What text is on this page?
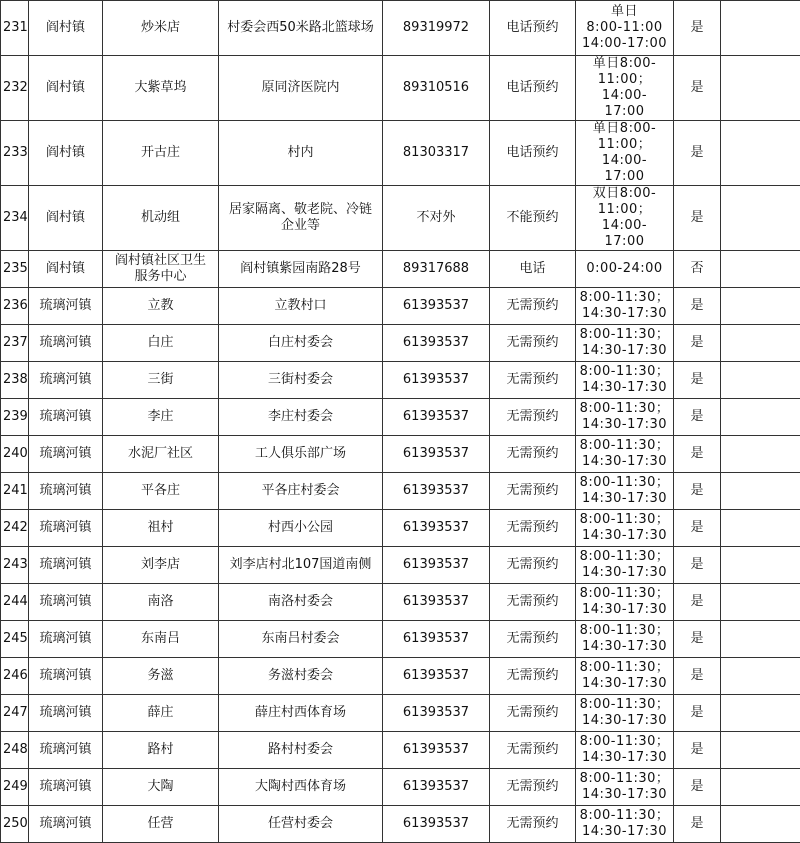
231	阎村镇	炒米店	村委会西50米路北篮球场	89319972	电话预约	单日
8:00-11:00
14:00-17:00	是	
232	阎村镇	大紫草坞	原同济医院内	89310516	电话预约	单日8:00-
11:00；14:00-
17:00	是	
233	阎村镇	开古庄	村内	81303317	电话预约	单日8:00-
11:00；14:00-
17:00	是	
234	阎村镇	机动组	居家隔离、敬老院、冷链
企业等	不对外	不能预约	双日8:00-
11:00；14:00-
17:00	是	
235	阎村镇	阎村镇社区卫生
服务中心	阎村镇紫园南路28号	89317688	电话	0:00-24:00	否	
236	琉璃河镇	立教	立教村口	61393537	无需预约	8:00-11:30；
14:30-17:30	是	
237	琉璃河镇	白庄	白庄村委会	61393537	无需预约	8:00-11:30；
14:30-17:30	是	
238	琉璃河镇	三街	三街村委会	61393537	无需预约	8:00-11:30；
14:30-17:30	是	
239	琉璃河镇	李庄	李庄村委会	61393537	无需预约	8:00-11:30；
14:30-17:30	是	
240	琉璃河镇	水泥厂社区	工人俱乐部广场	61393537	无需预约	8:00-11:30；
14:30-17:30	是	
241	琉璃河镇	平各庄	平各庄村委会	61393537	无需预约	8:00-11:30；
14:30-17:30	是	
242	琉璃河镇	祖村	村西小公园	61393537	无需预约	8:00-11:30；
14:30-17:30	是	
243	琉璃河镇	刘李店	刘李店村北107国道南侧	61393537	无需预约	8:00-11:30；
14:30-17:30	是	
244	琉璃河镇	南洛	南洛村委会	61393537	无需预约	8:00-11:30；
14:30-17:30	是	
245	琉璃河镇	东南吕	东南吕村委会	61393537	无需预约	8:00-11:30；
14:30-17:30	是	
246	琉璃河镇	务滋	务滋村委会	61393537	无需预约	8:00-11:30；
14:30-17:30	是	
247	琉璃河镇	薛庄	薛庄村西体育场	61393537	无需预约	8:00-11:30；
14:30-17:30	是	
248	琉璃河镇	路村	路村村委会	61393537	无需预约	8:00-11:30；
14:30-17:30	是	
249	琉璃河镇	大陶	大陶村西体育场	61393537	无需预约	8:00-11:30；
14:30-17:30	是	
250	琉璃河镇	任营	任营村委会	61393537	无需预约	8:00-11:30；
14:30-17:30	是	
